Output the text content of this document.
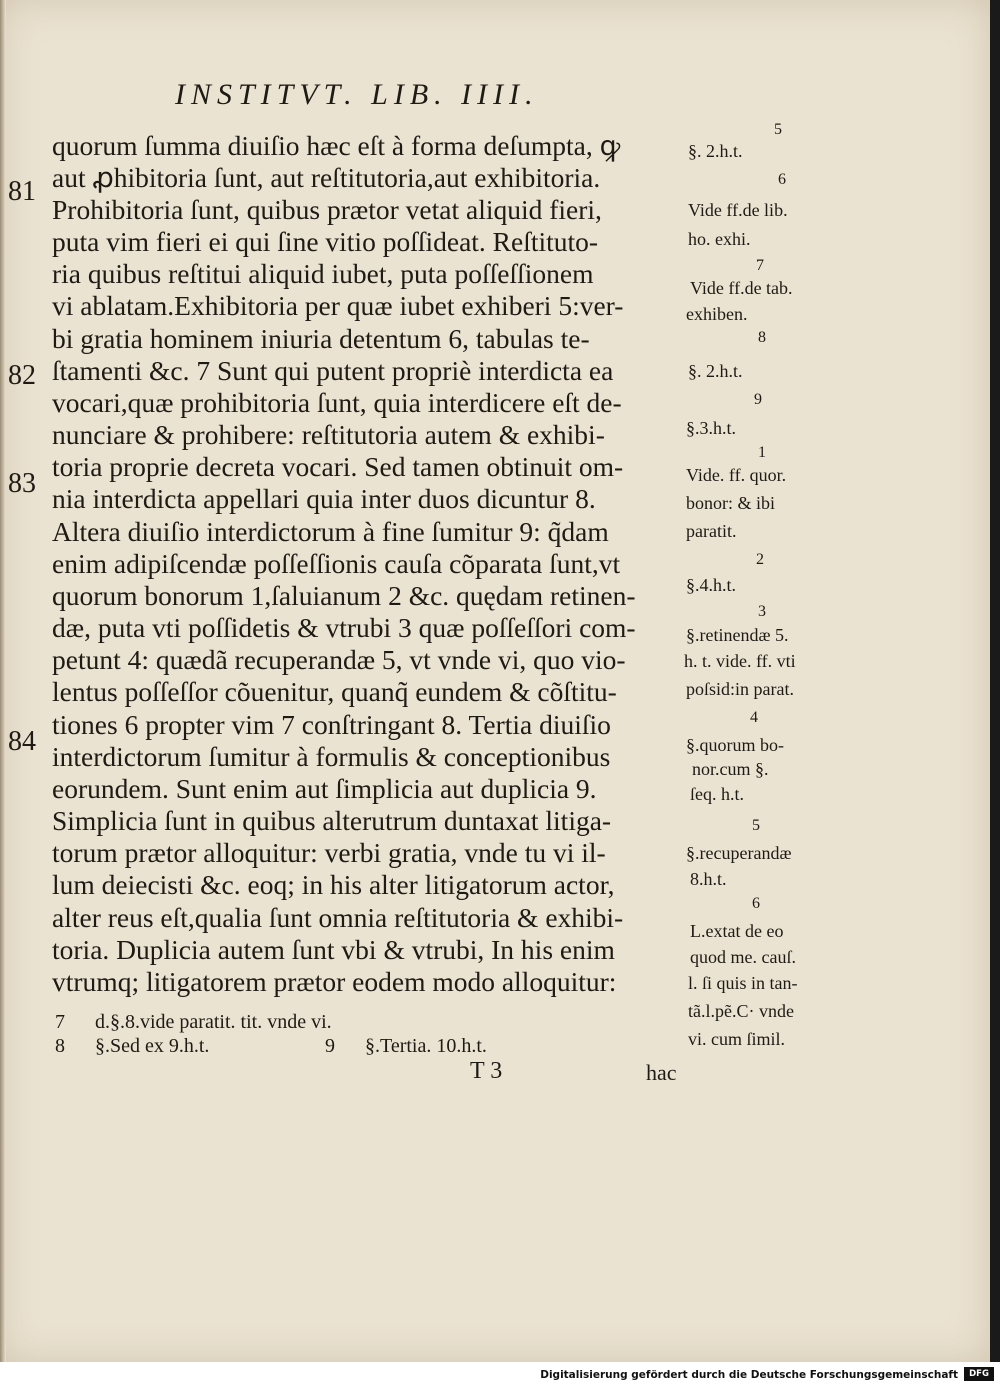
INSTITVT. LIB. IIII.
quorum ſumma diuiſio hæc eſt à forma deſumpta, ꝙ
aut ꝓhibitoria ſunt, aut reſtitutoria,aut exhibitoria.
Prohibitoria ſunt, quibus prætor vetat aliquid fieri,
puta vim fieri ei qui ſine vitio poſſideat. Reſtituto-
ria quibus reſtitui aliquid iubet, puta poſſeſſionem
vi ablatam.Exhibitoria per quæ iubet exhiberi 5:ver-
bi gratia hominem iniuria detentum 6, tabulas te-
ſtamenti &c. 7 Sunt qui putent propriè interdicta ea
vocari,quæ prohibitoria ſunt, quia interdicere eſt de-
nunciare & prohibere: reſtitutoria autem & exhibi-
toria proprie decreta vocari. Sed tamen obtinuit om-
nia interdicta appellari quia inter duos dicuntur 8.
Altera diuiſio interdictorum à fine ſumitur 9: q̃dam
enim adipiſcendæ poſſeſſionis cauſa cõparata ſunt,vt
quorum bonorum 1,ſaluianum 2 &c. quędam retinen-
dæ, puta vti poſſidetis & vtrubi 3 quæ poſſeſſori com-
petunt 4: quædã recuperandæ 5, vt vnde vi, quo vio-
lentus poſſeſſor cõuenitur, quanq̃ eundem & cõſtitu-
tiones 6 propter vim 7 conſtringant 8. Tertia diuiſio
interdictorum ſumitur à formulis & conceptionibus
eorundem. Sunt enim aut ſimplicia aut duplicia 9.
Simplicia ſunt in quibus alterutrum duntaxat litiga-
torum prætor alloquitur: verbi gratia, vnde tu vi il-
lum deiecisti &c. eoq; in his alter litigatorum actor,
alter reus eſt,qualia ſunt omnia reſtitutoria & exhibi-
toria. Duplicia autem ſunt vbi & vtrubi, In his enim
vtrumq; litigatorem prætor eodem modo alloquitur:
81
82
83
84
5
§. 2.h.t.
6
Vide ff.de lib.
ho. exhi.
7
Vide ff.de tab.
exhiben.
8
§. 2.h.t.
9
§.3.h.t.
1
Vide. ff. quor.
bonor: & ibi
paratit.
2
§.4.h.t.
3
§.retinendæ 5.
h. t. vide. ff. vti
poſsid:in parat.
4
§.quorum bo-
nor.cum §.
ſeq. h.t.
5
§.recuperandæ
8.h.t.
6
L.extat de eo
quod me. cauſ.
l. ſi quis in tan-
tã.l.pẽ.C· vnde
vi. cum ſimil.
7      d.§.8.vide paratit. tit. vnde vi.
8      §.Sed ex 9.h.t.	9      §.Tertia. 10.h.t.
T 3	hac
Digitalisierung gefördert durch die Deutsche Forschungsgemeinschaft	DFG
